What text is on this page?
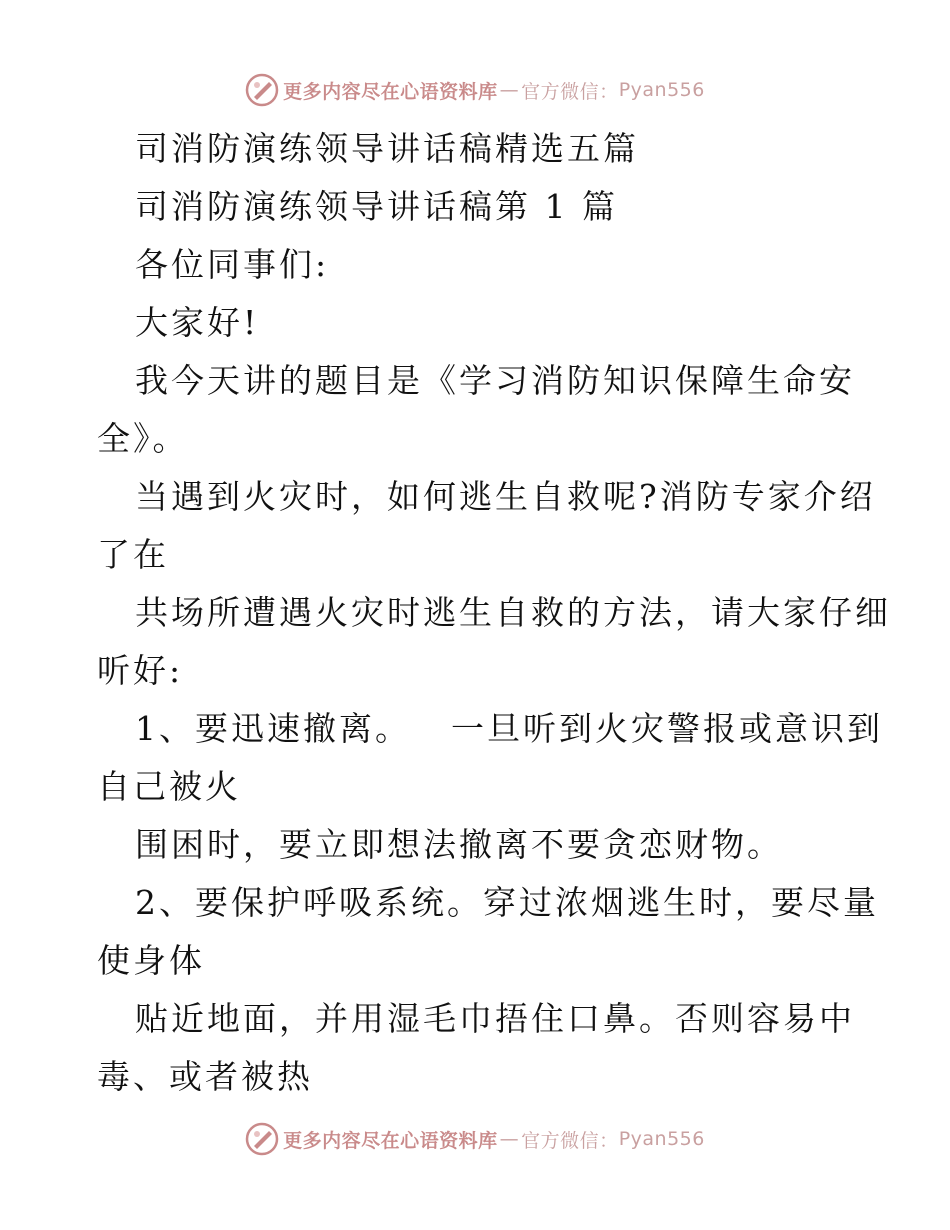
更多内容尽在心语资料库 — 官方微信： Pyan556

司消防演练领导讲话稿精选五篇

司消防演练领导讲话稿第 1 篇

各位同事们:

大家好!

我今天讲的题目是《学习消防知识保障生命安

全》。

当遇到火灾时，如何逃生自救呢?消防专家介绍

了在

共场所遭遇火灾时逃生自救的方法，请大家仔细

听好:

1、要迅速撤离。 一旦听到火灾警报或意识到

自己被火

围困时，要立即想法撤离不要贪恋财物。

2、要保护呼吸系统。穿过浓烟逃生时，要尽量

使身体

贴近地面，并用湿毛巾捂住口鼻。否则容易中

毒、或者被热

更多内容尽在心语资料库 — 官方微信： Pyan556
